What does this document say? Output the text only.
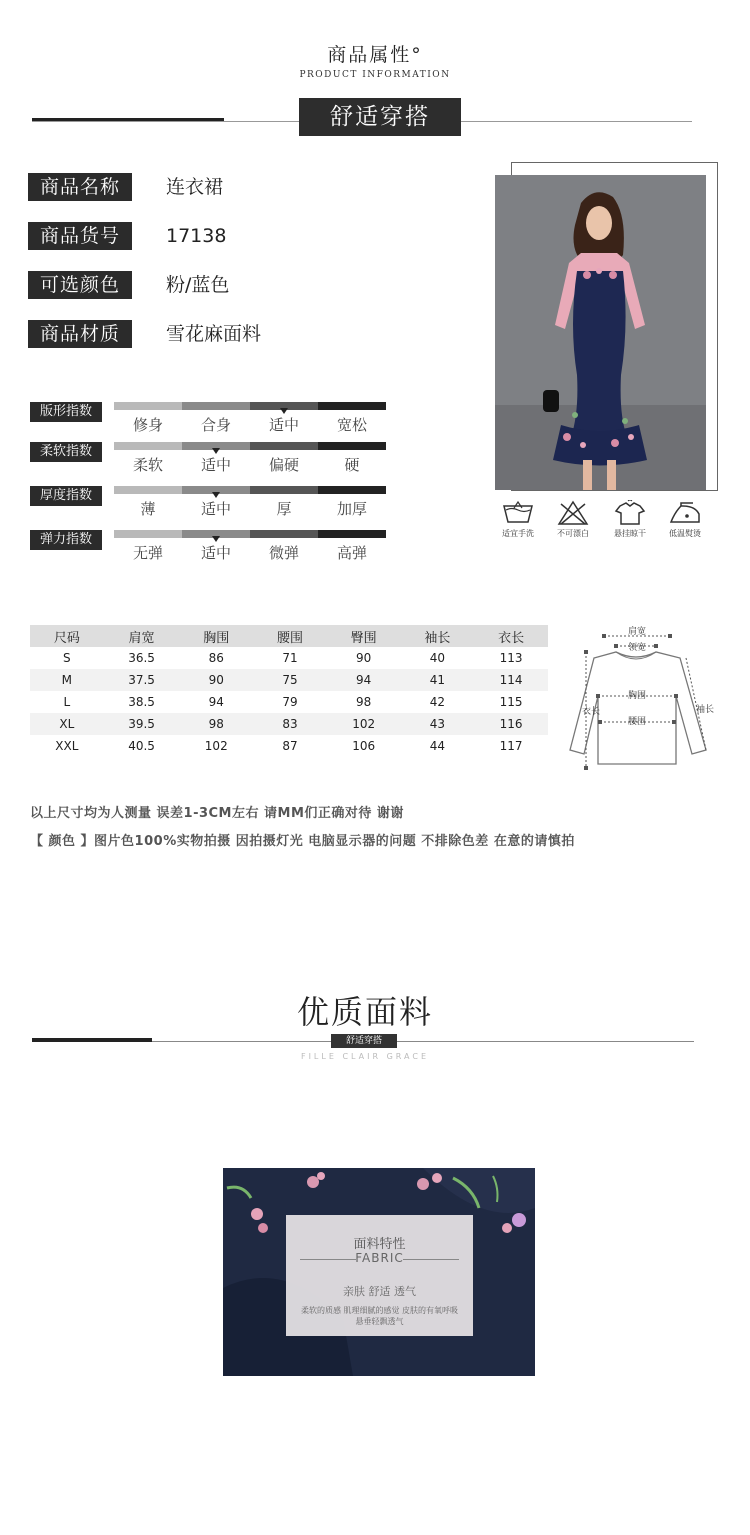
商品属性°
PRODUCT INFORMATION
舒适穿搭
商品名称	连衣裙
商品货号	17138
可选颜色	粉/蓝色
商品材质	雪花麻面料
适宜手洗	不可漂白	悬挂晾干	低温熨烫
版形指数
修身	合身	适中	宽松
柔软指数
柔软	适中	偏硬	硬
厚度指数
薄	适中	厚	加厚
弹力指数
无弹	适中	微弹	高弹
尺码	肩宽	胸围	腰围	臀围	袖长	衣长
S	36.5	86	71	90	40	113
M	37.5	90	75	94	41	114
L	38.5	94	79	98	42	115
XL	39.5	98	83	102	43	116
XXL	40.5	102	87	106	44	117
肩宽
领宽
胸围
腰围
衣长	袖长
以上尺寸均为人测量 误差1-3CM左右 请MM们正确对待 谢谢
【 颜色 】图片色100%实物拍摄 因拍摄灯光 电脑显示器的问题 不排除色差 在意的请慎拍
优质面料
舒适穿搭
FILLE CLAIR GRACE
面料特性
FABRIC
亲肤 舒适 透气
柔软的质感 肌理细腻的感觉 皮肤的有氧呼吸
悬垂轻飘透气
